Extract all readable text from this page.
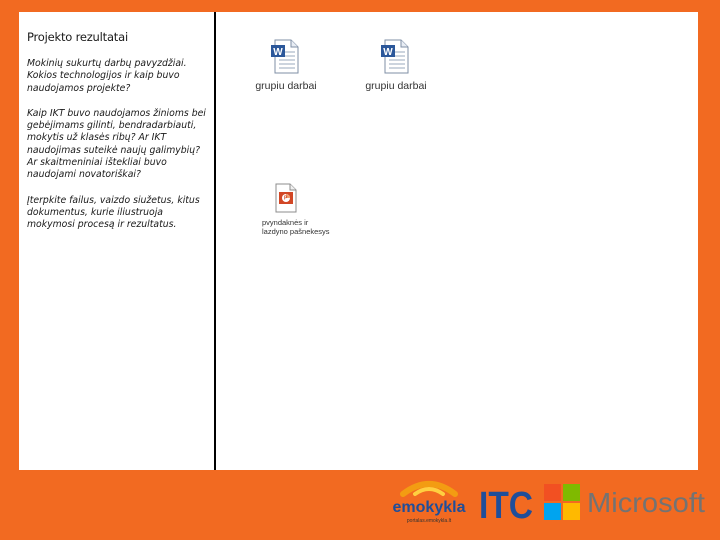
Projekto rezultatai

Mokinių sukurtų darbų pavyzdžiai. Kokios technologijos ir kaip buvo naudojamos projekte?

Kaip IKT buvo naudojamos žinioms bei gebėjimams gilinti, bendradarbiauti, mokytis už klasės ribų? Ar IKT naudojimas suteikė naujų galimybių? Ar skaitmeniniai ištekliai buvo naudojami novatoriškai?

Įterpkite failus, vaizdo siužetus, kitus dokumentus, kurie iliustruoja mokymosi procesą ir rezultatus.

W
grupiu darbai
W
grupiu darbai
P
pvyndaknės ir
lazdyno pašnekesys
emokykla
portalas.emokykla.lt ITC Microsoft
